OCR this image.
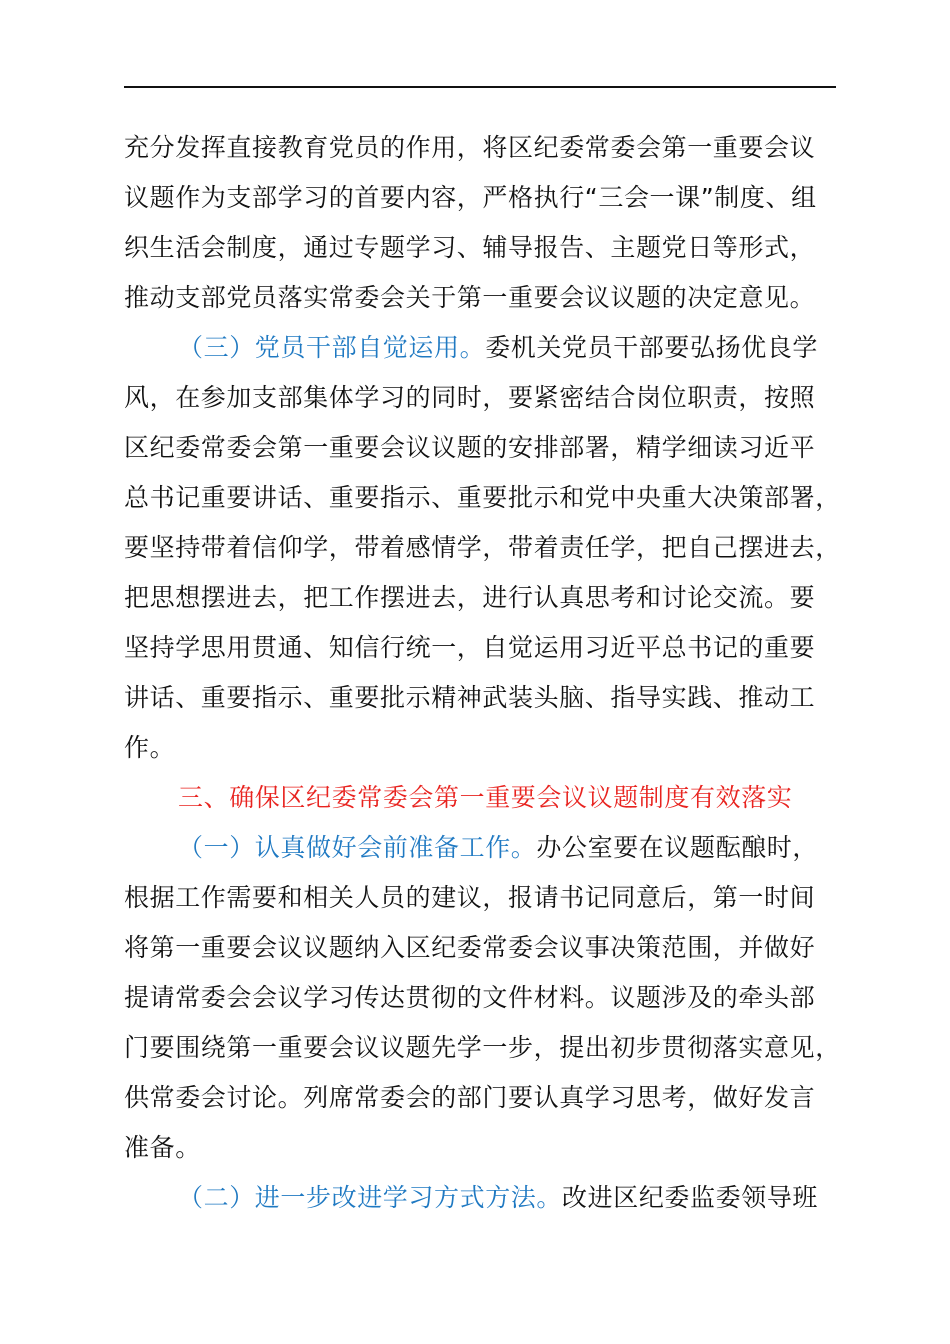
充分发挥直接教育党员的作用，将区纪委常委会第一重要会议
议题作为支部学习的首要内容，严格执行“三会一课”制度、组
织生活会制度，通过专题学习、辅导报告、主题党日等形式，
推动支部党员落实常委会关于第一重要会议议题的决定意见。
（三）党员干部自觉运用。委机关党员干部要弘扬优良学
风，在参加支部集体学习的同时，要紧密结合岗位职责，按照
区纪委常委会第一重要会议议题的安排部署，精学细读习近平
总书记重要讲话、重要指示、重要批示和党中央重大决策部署，
要坚持带着信仰学，带着感情学，带着责任学，把自己摆进去，
把思想摆进去，把工作摆进去，进行认真思考和讨论交流。要
坚持学思用贯通、知信行统一，自觉运用习近平总书记的重要
讲话、重要指示、重要批示精神武装头脑、指导实践、推动工
作。
三、确保区纪委常委会第一重要会议议题制度有效落实
（一）认真做好会前准备工作。办公室要在议题酝酿时，
根据工作需要和相关人员的建议，报请书记同意后，第一时间
将第一重要会议议题纳入区纪委常委会议事决策范围，并做好
提请常委会会议学习传达贯彻的文件材料。议题涉及的牵头部
门要围绕第一重要会议议题先学一步，提出初步贯彻落实意见，
供常委会讨论。列席常委会的部门要认真学习思考，做好发言
准备。
（二）进一步改进学习方式方法。改进区纪委监委领导班
